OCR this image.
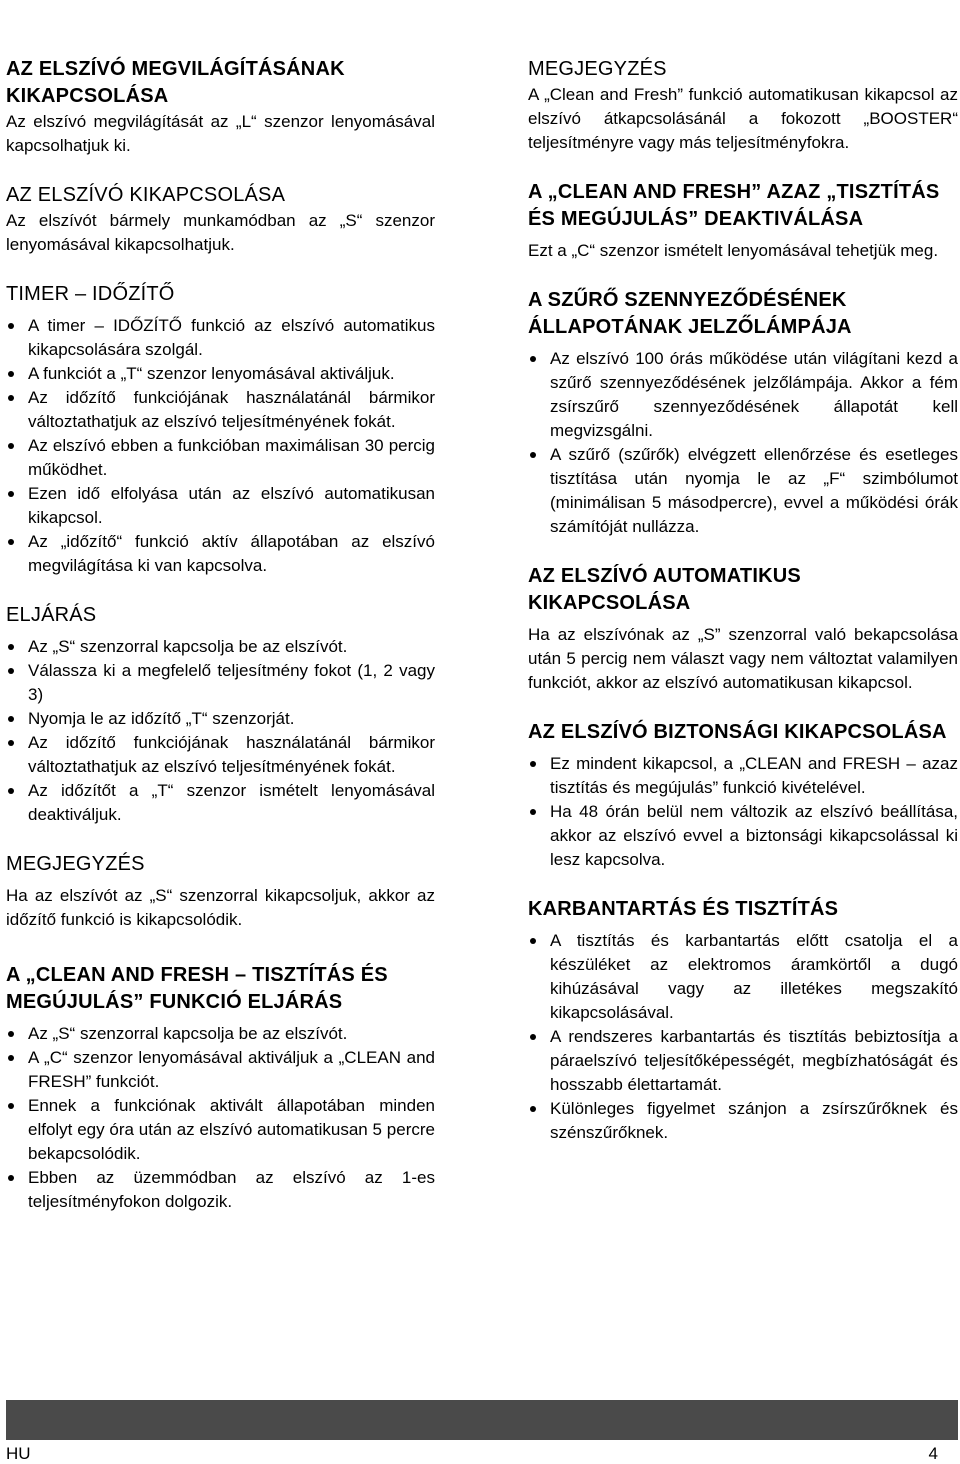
AZ ELSZÍVÓ MEGVILÁGÍTÁSÁNAK KIKAPCSOLÁSA

Az elszívó megvilágítását az „L“ szenzor lenyomásával kapcsolhatjuk ki.

AZ ELSZÍVÓ KIKAPCSOLÁSA

Az elszívót bármely munkamódban az „S“ szenzor lenyomásával kikapcsolhatjuk.

TIMER – IDŐZÍTŐ
A timer – IDŐZÍTŐ funkció az elszívó automatikus kikapcsolására szolgál.
A funkciót a „T“ szenzor lenyomásával aktiváljuk.
Az időzítő funkciójának használatánál bármikor változtathatjuk az elszívó teljesítményének fokát.
Az elszívó ebben a funkcióban maximálisan 30 percig működhet.
Ezen idő elfolyása után az elszívó automatikusan kikapcsol.
Az „időzítő“ funkció aktív állapotában az elszívó megvilágítása ki van kapcsolva.
ELJÁRÁS
Az „S“ szenzorral kapcsolja be az elszívót.
Válassza ki a megfelelő teljesítmény fokot (1, 2 vagy 3)
Nyomja le az időzítő „T“ szenzorját.
Az időzítő funkciójának használatánál bármikor változtathatjuk az elszívó teljesítményének fokát.
Az időzítőt a „T“ szenzor ismételt lenyomásával deaktiváljuk.
MEGJEGYZÉS

Ha az elszívót az „S“ szenzorral kikapcsoljuk, akkor az időzítő funkció is kikapcsolódik.

A „CLEAN AND FRESH – TISZTÍTÁS ÉS MEGÚJULÁS” FUNKCIÓ ELJÁRÁS
Az „S“ szenzorral kapcsolja be az elszívót.
A „C“ szenzor lenyomásával aktiváljuk a „CLEAN and FRESH” funkciót.
Ennek a funkciónak aktivált állapotában minden elfolyt egy óra után az elszívó automatikusan 5 percre bekapcsolódik.
Ebben az üzemmódban az elszívó az 1-es teljesítményfokon dolgozik.
MEGJEGYZÉS

A „Clean and Fresh” funkció automatikusan kikapcsol az elszívó átkapcsolásánál a fokozott „BOOSTER“ teljesítményre vagy más teljesítményfokra.

A „CLEAN AND FRESH” AZAZ „TISZTÍTÁS ÉS MEGÚJULÁS” DEAKTIVÁLÁSA

Ezt a „C“ szenzor ismételt lenyomásával tehetjük meg.

A SZŰRŐ SZENNYEZŐDÉSÉNEK ÁLLAPOTÁNAK JELZŐLÁMPÁJA
Az elszívó 100 órás működése után világítani kezd a szűrő szennyeződésének jelzőlámpája. Akkor a fém zsírszűrő szennyeződésének állapotát kell megvizsgálni.
A szűrő (szűrők) elvégzett ellenőrzése és esetleges tisztítása után nyomja le az „F“ szimbólumot (minimálisan 5 másodpercre), evvel a működési órák számítóját nullázza.
AZ ELSZÍVÓ AUTOMATIKUS KIKAPCSOLÁSA

Ha az elszívónak az „S” szenzorral való bekapcsolása után 5 percig nem választ vagy nem változtat valamilyen funkciót, akkor az elszívó automatikusan kikapcsol.

AZ ELSZÍVÓ BIZTONSÁGI KIKAPCSOLÁSA
Ez mindent kikapcsol, a „CLEAN and FRESH – azaz tisztítás és megújulás” funkció kivételével.
Ha 48 órán belül nem változik az elszívó beállítása, akkor az elszívó evvel a biztonsági kikapcsolással ki lesz kapcsolva.
KARBANTARTÁS ÉS TISZTÍTÁS
A tisztítás és karbantartás előtt csatolja el a készüléket az elektromos áramkörtől a dugó kihúzásával vagy az illetékes megszakító kikapcsolásával.
A rendszeres karbantartás és tisztítás bebiztosítja a páraelszívó teljesítőképességét, megbízhatóságát és hosszabb élettartamát.
Különleges figyelmet szánjon a zsírszűrőknek és szénszűrőknek.
HU	4
